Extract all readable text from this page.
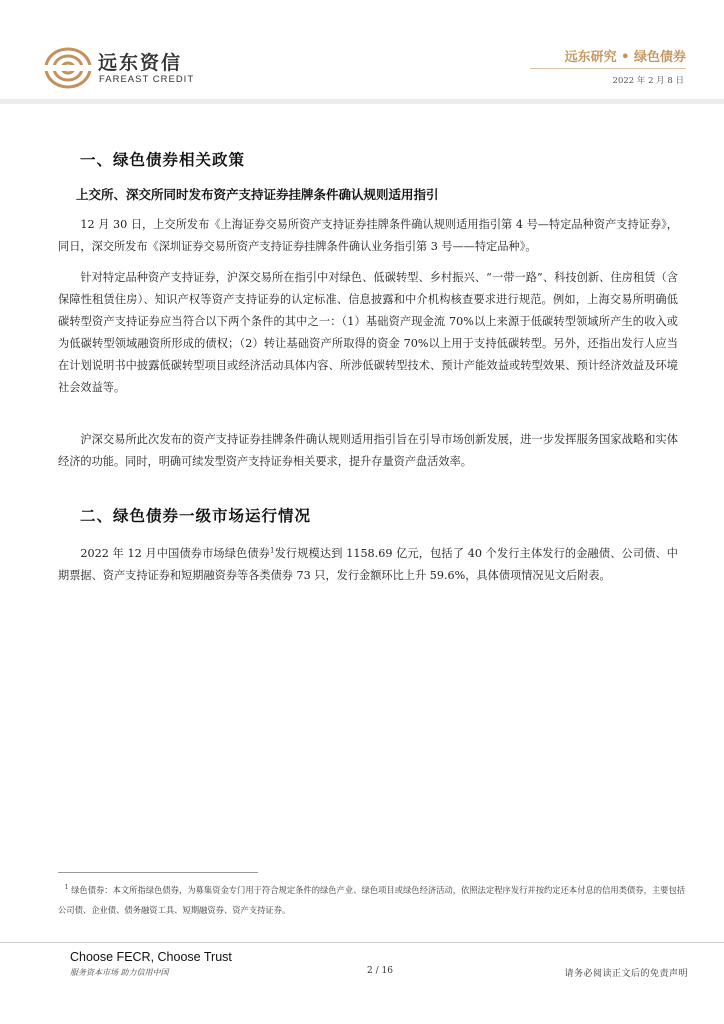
远东资信
FAREAST CREDIT
远东研究 • 绿色债券
2022 年 2 月 8 日
一、绿色债券相关政策
上交所、深交所同时发布资产支持证券挂牌条件确认规则适用指引

12 月 30 日，上交所发布《上海证券交易所资产支持证券挂牌条件确认规则适用指引第 4 号—特定品种资产支持证券》，同日，深交所发布《深圳证券交易所资产支持证券挂牌条件确认业务指引第 3 号——特定品种》。

针对特定品种资产支持证券，沪深交易所在指引中对绿色、低碳转型、乡村振兴、“一带一路”、科技创新、住房租赁（含保障性租赁住房）、知识产权等资产支持证券的认定标准、信息披露和中介机构核查要求进行规范。例如，上海交易所明确低碳转型资产支持证券应当符合以下两个条件的其中之一：（1）基础资产现金流 70%以上来源于低碳转型领域所产生的收入或为低碳转型领域融资所形成的债权；（2）转让基础资产所取得的资金 70%以上用于支持低碳转型。另外，还指出发行人应当在计划说明书中披露低碳转型项目或经济活动具体内容、所涉低碳转型技术、预计产能效益或转型效果、预计经济效益及环境社会效益等。

沪深交易所此次发布的资产支持证券挂牌条件确认规则适用指引旨在引导市场创新发展，进一步发挥服务国家战略和实体经济的功能。同时，明确可续发型资产支持证券相关要求，提升存量资产盘活效率。

二、绿色债券一级市场运行情况

2022 年 12 月中国债券市场绿色债券$^1$发行规模达到 1158.69 亿元，包括了 40 个发行主体发行的金融债、公司债、中期票据、资产支持证券和短期融资券等各类债券 73 只，发行金额环比上升 59.6%，具体债项情况见文后附表。

$^1$ 绿色债券：本文所指绿色债券，为募集资金专门用于符合规定条件的绿色产业、绿色项目或绿色经济活动，依照法定程序发行并按约定还本付息的信用类债券，主要包括公司债、企业债、债务融资工具、短期融资券、资产支持证券。

Choose FECR, Choose Trust
服务资本市场 助力信用中国	2 / 16	请务必阅读正文后的免责声明
